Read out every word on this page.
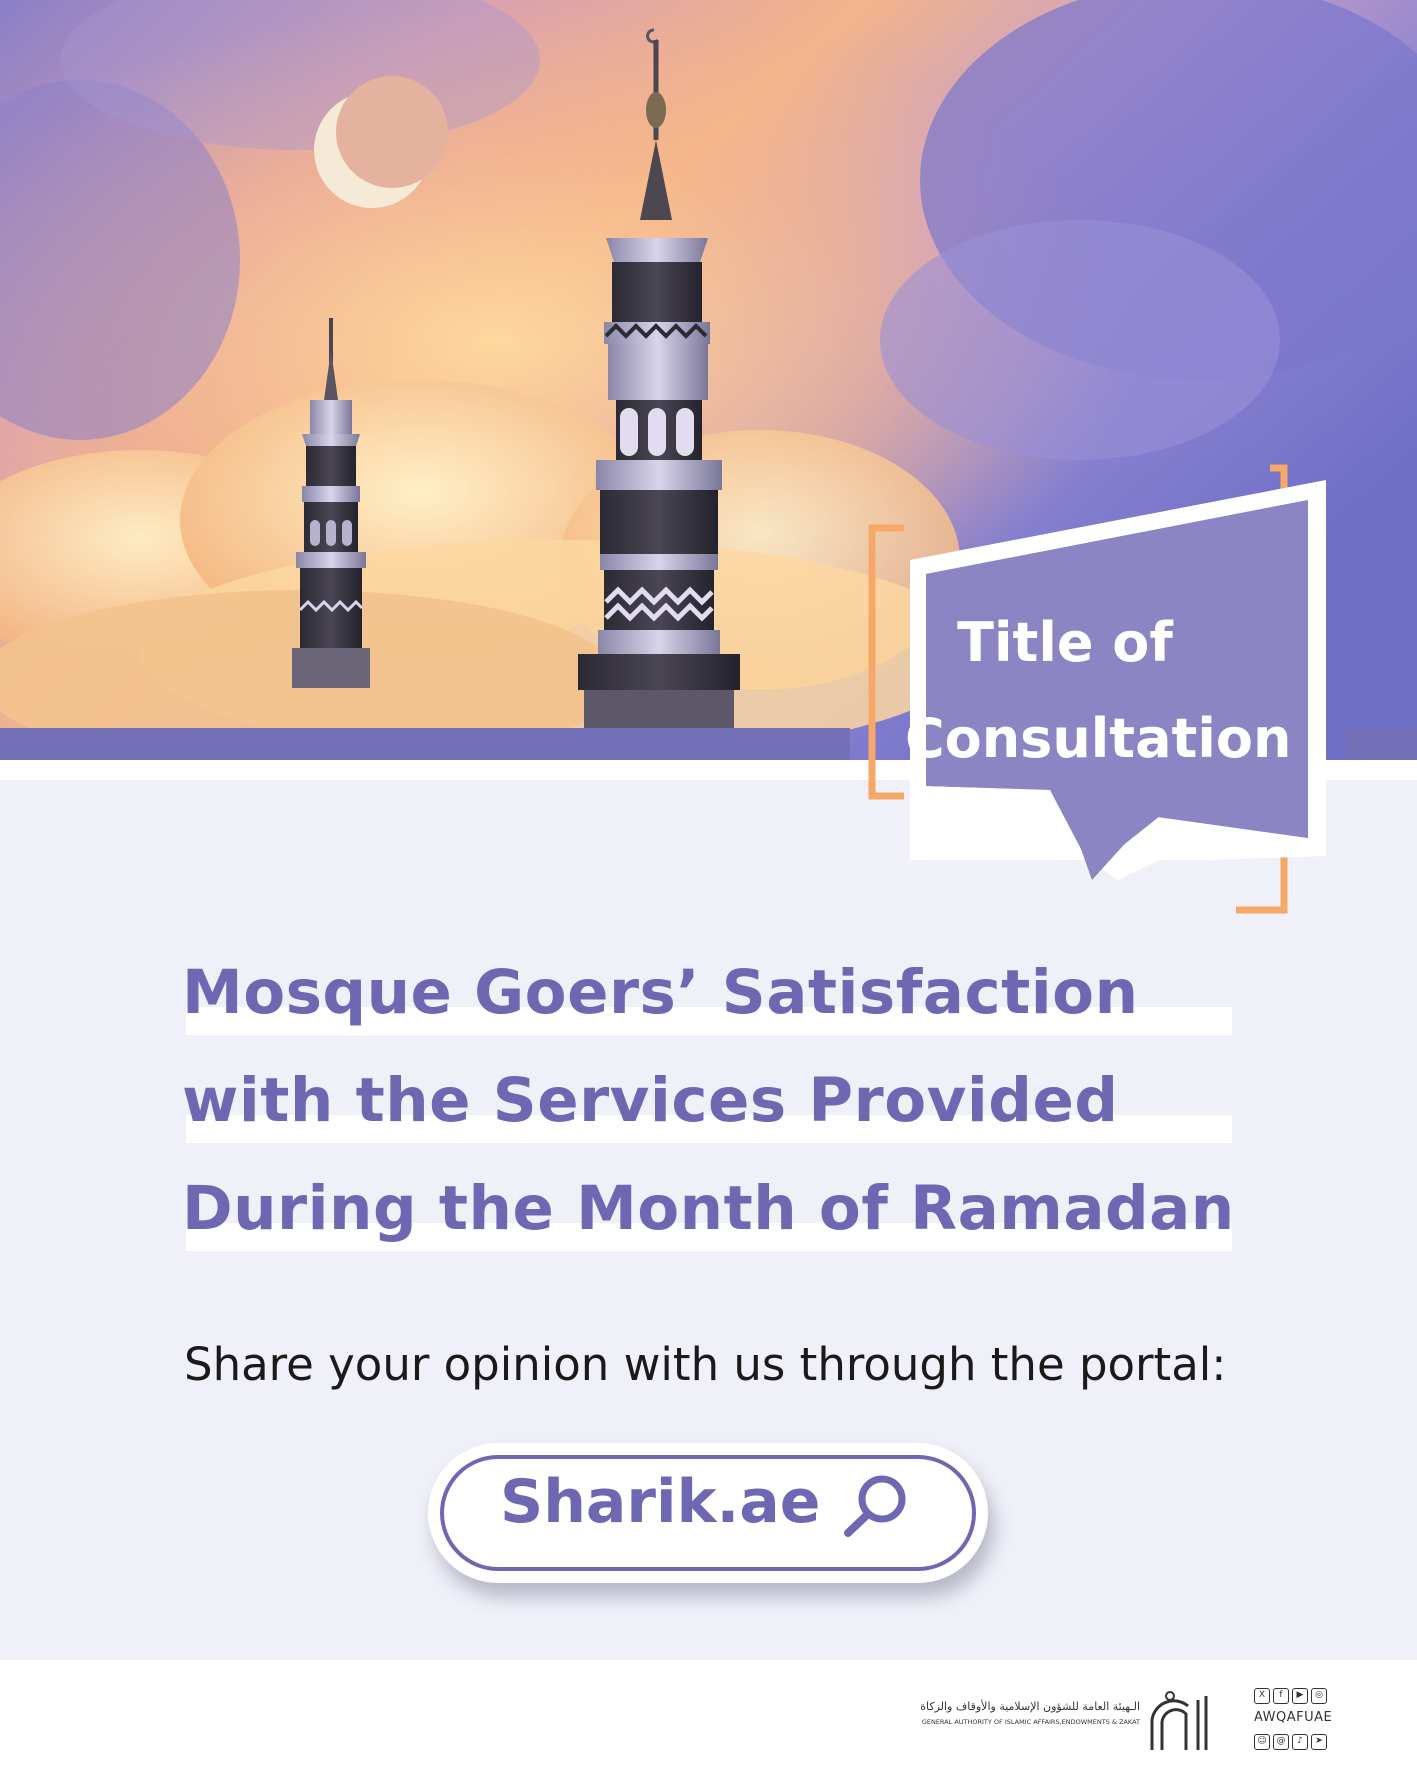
Title of
Consultation
Mosque Goers’ Satisfaction
with the Services Provided
During the Month of Ramadan
Share your opinion with us through the portal:
Sharik.ae
الـهيئة العامة للشؤون الإسلامية والأوقاف والزكاة
GENERAL AUTHORITY OF ISLAMIC AFFAIRS,ENDOWMENTS & ZAKAT
X	f	▶	◎
AWQAFUAE
☺	@	♪	➤
